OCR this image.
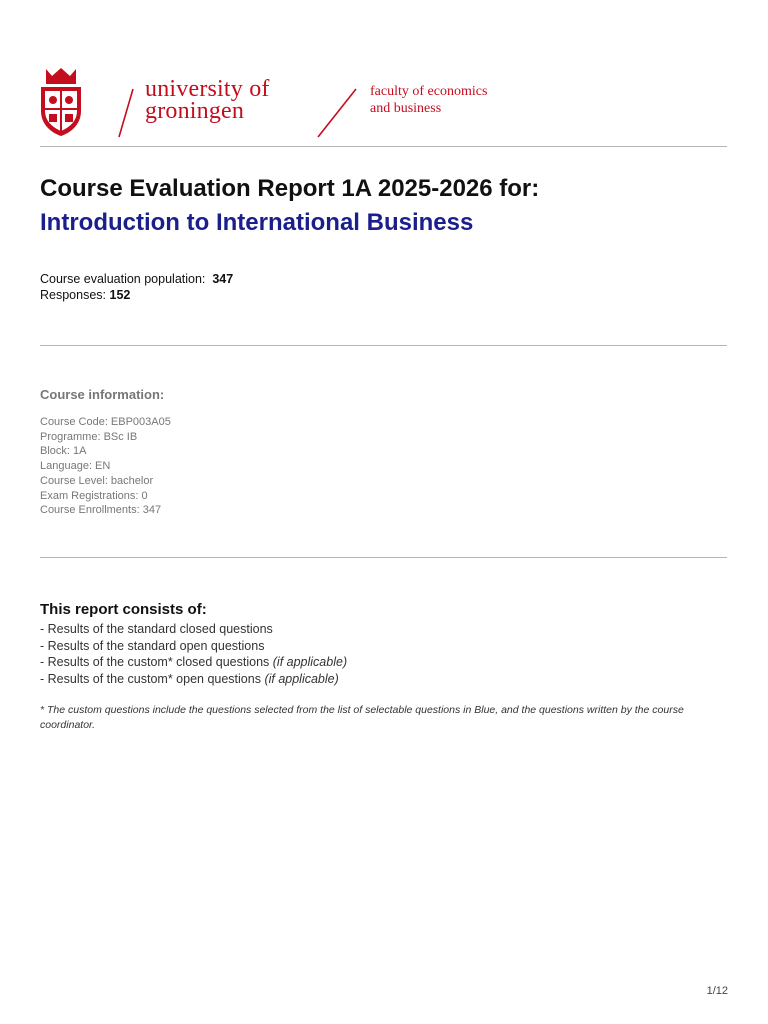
university of
groningen
faculty of economics
and business
Course Evaluation Report 1A 2025-2026 for:
Introduction to International Business
Course evaluation population: 347
Responses: 152
Course information:
Course Code: EBP003A05
Programme: BSc IB
Block: 1A
Language: EN
Course Level: bachelor
Exam Registrations: 0
Course Enrollments: 347
This report consists of:
- Results of the standard closed questions
- Results of the standard open questions
- Results of the custom* closed questions (if applicable)
- Results of the custom* open questions (if applicable)
* The custom questions include the questions selected from the list of selectable questions in Blue, and the questions written by the course coordinator.
1/12
